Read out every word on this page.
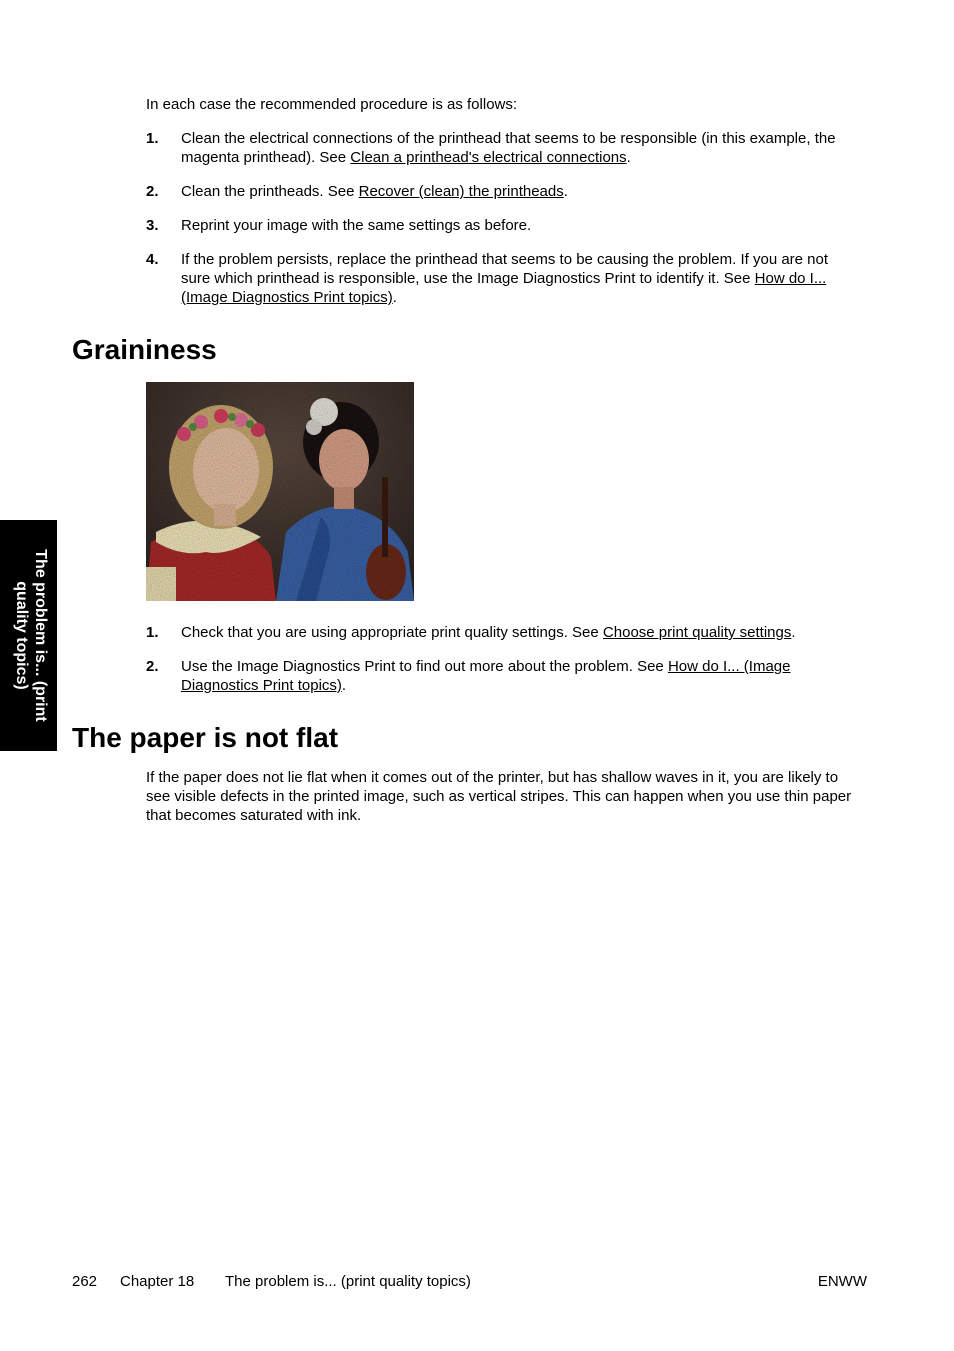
In each case the recommended procedure is as follows:

1. Clean the electrical connections of the printhead that seems to be responsible (in this example, the magenta printhead). See Clean a printhead's electrical connections.
2. Clean the printheads. See Recover (clean) the printheads.
3. Reprint your image with the same settings as before.
4. If the problem persists, replace the printhead that seems to be causing the problem. If you are not sure which printhead is responsible, use the Image Diagnostics Print to identify it. See How do I... (Image Diagnostics Print topics).
Graininess
1. Check that you are using appropriate print quality settings. See Choose print quality settings.
2. Use the Image Diagnostics Print to find out more about the problem. See How do I... (Image Diagnostics Print topics).
The paper is not flat

If the paper does not lie flat when it comes out of the printer, but has shallow waves in it, you are likely to see visible defects in the printed image, such as vertical stripes. This can happen when you use thin paper that becomes saturated with ink.

The problem is... (print quality topics)
262 Chapter 18 The problem is... (print quality topics)	ENWW
